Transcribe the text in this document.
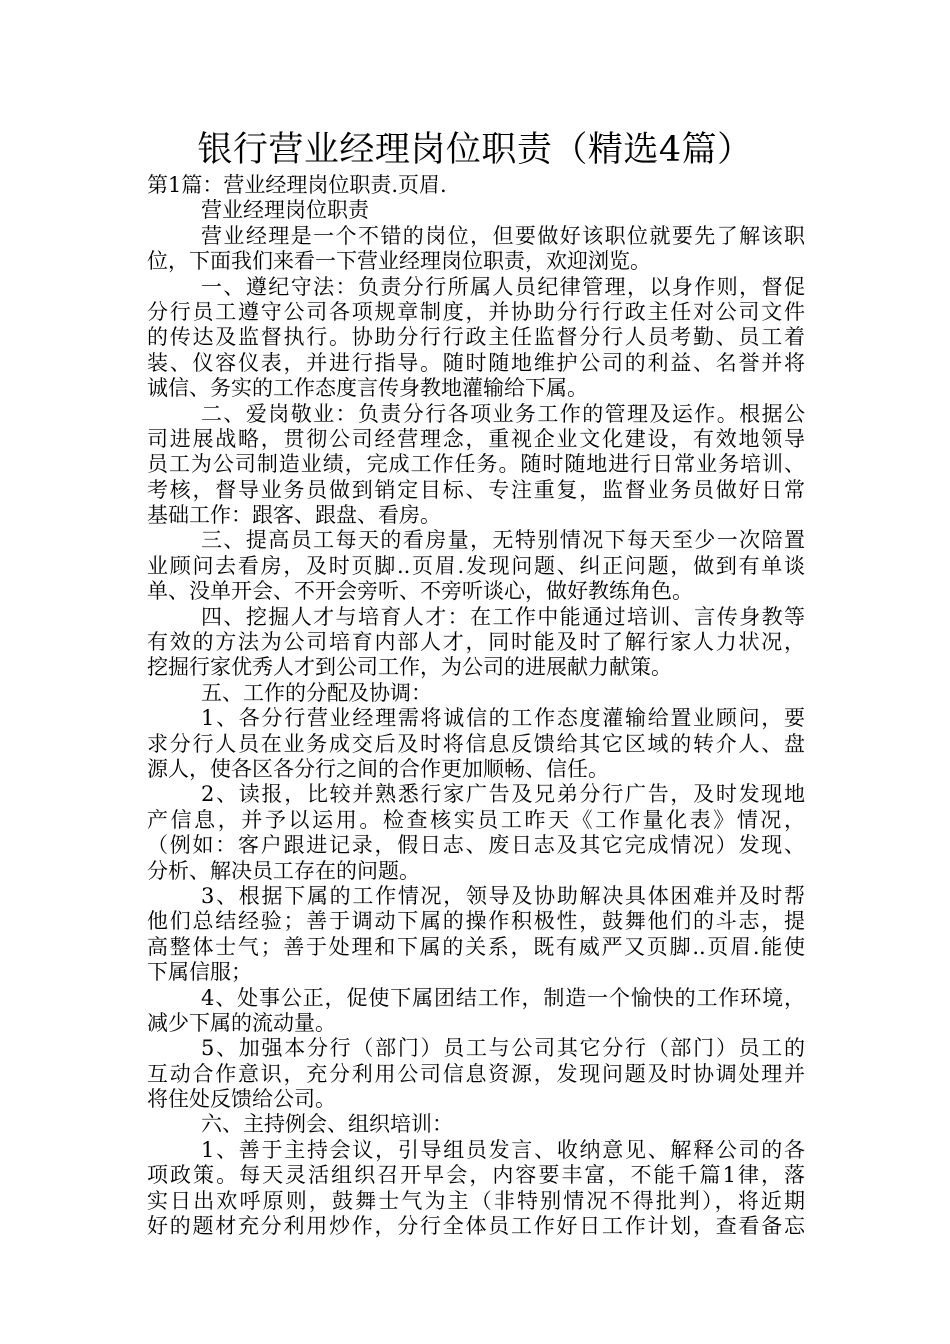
银行营业经理岗位职责（精选4篇）
第1篇：营业经理岗位职责.页眉.
营业经理岗位职责
营业经理是一个不错的岗位，但要做好该职位就要先了解该职
位，下面我们来看一下营业经理岗位职责，欢迎浏览。
一、遵纪守法：负责分行所属人员纪律管理，以身作则，督促
分行员工遵守公司各项规章制度，并协助分行行政主任对公司文件
的传达及监督执行。协助分行行政主任监督分行人员考勤、员工着
装、仪容仪表，并进行指导。随时随地维护公司的利益、名誉并将
诚信、务实的工作态度言传身教地灌输给下属。
二、爱岗敬业：负责分行各项业务工作的管理及运作。根据公
司进展战略，贯彻公司经营理念，重视企业文化建设，有效地领导
员工为公司制造业绩，完成工作任务。随时随地进行日常业务培训、
考核，督导业务员做到销定目标、专注重复，监督业务员做好日常
基础工作：跟客、跟盘、看房。
三、提高员工每天的看房量，无特别情况下每天至少一次陪置
业顾问去看房，及时页脚..页眉.发现问题、纠正问题，做到有单谈
单、没单开会、不开会旁听、不旁听谈心，做好教练角色。
四、挖掘人才与培育人才：在工作中能通过培训、言传身教等
有效的方法为公司培育内部人才，同时能及时了解行家人力状况，
挖掘行家优秀人才到公司工作，为公司的进展献力献策。
五、工作的分配及协调：
1、各分行营业经理需将诚信的工作态度灌输给置业顾问，要
求分行人员在业务成交后及时将信息反馈给其它区域的转介人、盘
源人，使各区各分行之间的合作更加顺畅、信任。
2、读报，比较并熟悉行家广告及兄弟分行广告，及时发现地
产信息，并予以运用。检查核实员工昨天《工作量化表》情况，
（例如：客户跟进记录，假日志、废日志及其它完成情况）发现、
分析、解决员工存在的问题。
3、根据下属的工作情况，领导及协助解决具体困难并及时帮
他们总结经验；善于调动下属的操作积极性，鼓舞他们的斗志，提
高整体士气；善于处理和下属的关系，既有威严又页脚..页眉.能使
下属信服；
4、处事公正，促使下属团结工作，制造一个愉快的工作环境，
减少下属的流动量。
5、加强本分行（部门）员工与公司其它分行（部门）员工的
互动合作意识，充分利用公司信息资源，发现问题及时协调处理并
将住处反馈给公司。
六、主持例会、组织培训：
1、善于主持会议，引导组员发言、收纳意见、解释公司的各
项政策。每天灵活组织召开早会，内容要丰富，不能千篇1律，落
实日出欢呼原则，鼓舞士气为主（非特别情况不得批判），将近期
好的题材充分利用炒作，分行全体员工作好日工作计划，查看备忘
